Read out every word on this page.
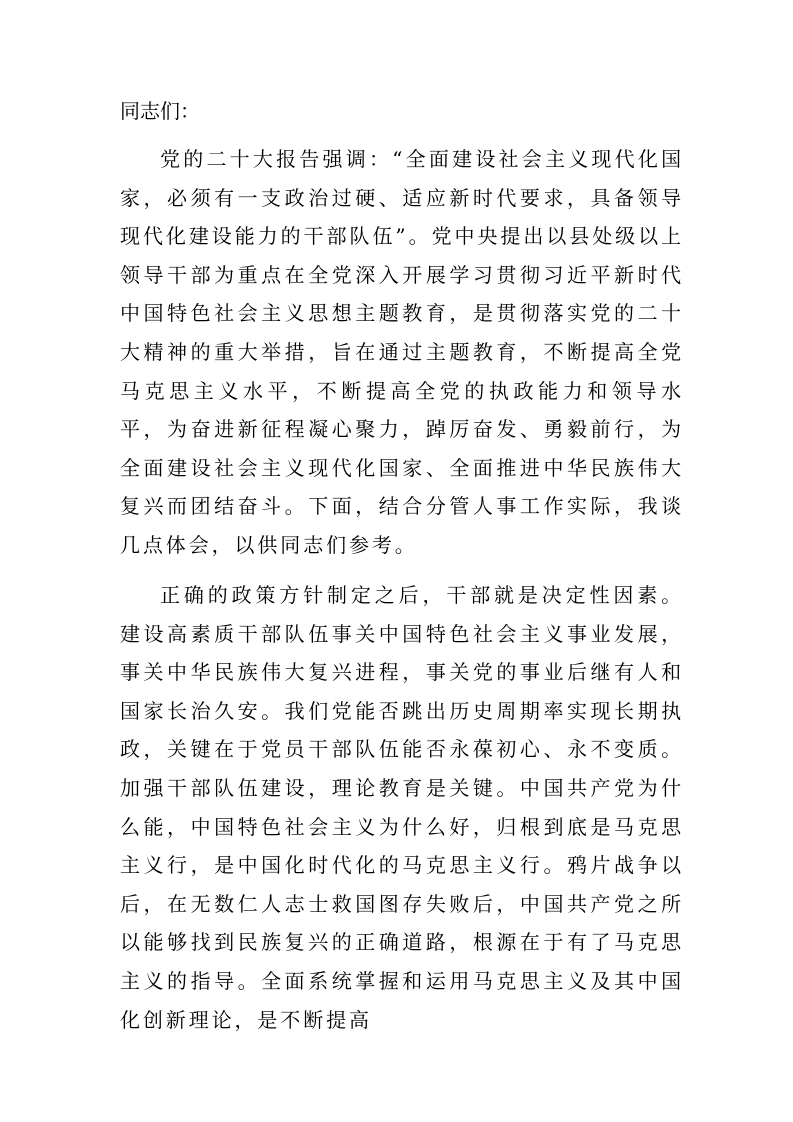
同志们：

党的二十大报告强调：“全面建设社会主义现代化国家，必须有一支政治过硬、适应新时代要求，具备领导现代化建设能力的干部队伍”。党中央提出以县处级以上领导干部为重点在全党深入开展学习贯彻习近平新时代中国特色社会主义思想主题教育，是贯彻落实党的二十大精神的重大举措，旨在通过主题教育，不断提高全党马克思主义水平，不断提高全党的执政能力和领导水平，为奋进新征程凝心聚力，踔厉奋发、勇毅前行，为全面建设社会主义现代化国家、全面推进中华民族伟大复兴而团结奋斗。下面，结合分管人事工作实际，我谈几点体会，以供同志们参考。

正确的政策方针制定之后，干部就是决定性因素。建设高素质干部队伍事关中国特色社会主义事业发展，事关中华民族伟大复兴进程，事关党的事业后继有人和国家长治久安。我们党能否跳出历史周期率实现长期执政，关键在于党员干部队伍能否永葆初心、永不变质。加强干部队伍建设，理论教育是关键。中国共产党为什么能，中国特色社会主义为什么好，归根到底是马克思主义行，是中国化时代化的马克思主义行。鸦片战争以后，在无数仁人志士救国图存失败后，中国共产党之所以能够找到民族复兴的正确道路，根源在于有了马克思主义的指导。全面系统掌握和运用马克思主义及其中国化创新理论，是不断提高
